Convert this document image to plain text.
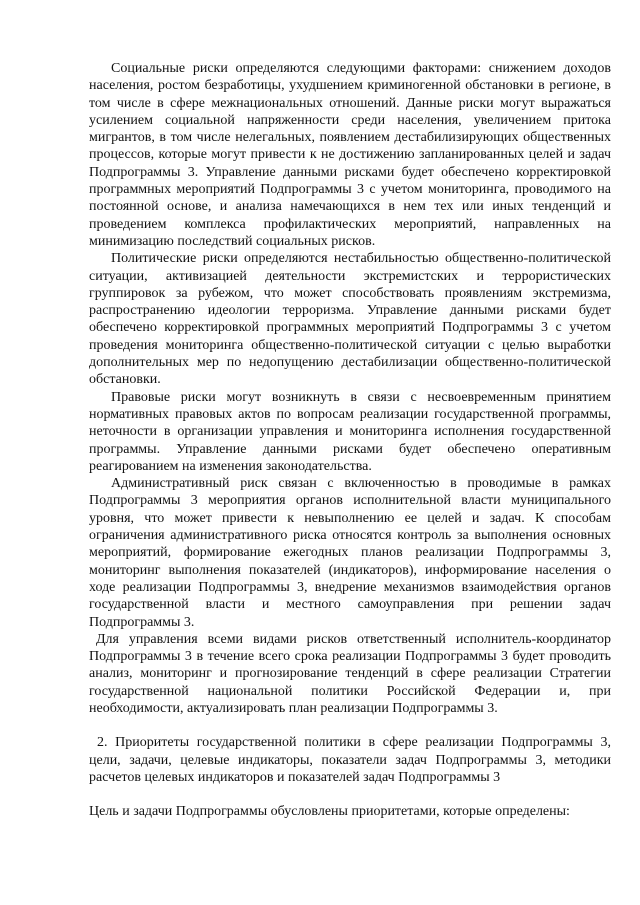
Социальные риски определяются следующими факторами: снижением доходов населения, ростом безработицы, ухудшением криминогенной обстановки в регионе, в том числе в сфере межнациональных отношений. Данные риски могут выражаться усилением социальной напряженности среди населения, увеличением притока мигрантов, в том числе нелегальных, появлением дестабилизирующих общественных процессов, которые могут привести к не достижению запланированных целей и задач Подпрограммы 3. Управление данными рисками будет обеспечено корректировкой программных мероприятий Подпрограммы 3 с учетом мониторинга, проводимого на постоянной основе, и анализа намечающихся в нем тех или иных тенденций и проведением комплекса профилактических мероприятий, направленных на минимизацию последствий социальных рисков.

Политические риски определяются нестабильностью общественно-политической ситуации, активизацией деятельности экстремистских и террористических группировок за рубежом, что может способствовать проявлениям экстремизма, распространению идеологии терроризма. Управление данными рисками будет обеспечено корректировкой программных мероприятий Подпрограммы 3 с учетом проведения мониторинга общественно-политической ситуации с целью выработки дополнительных мер по недопущению дестабилизации общественно-политической обстановки.

Правовые риски могут возникнуть в связи с несвоевременным принятием нормативных правовых актов по вопросам реализации государственной программы, неточности в организации управления и мониторинга исполнения государственной программы. Управление данными рисками будет обеспечено оперативным реагированием на изменения законодательства.

Административный риск связан с включенностью в проводимые в рамках Подпрограммы 3 мероприятия органов исполнительной власти муниципального уровня, что может привести к невыполнению ее целей и задач. К способам ограничения административного риска относятся контроль за выполнения основных мероприятий, формирование ежегодных планов реализации Подпрограммы 3, мониторинг выполнения показателей (индикаторов), информирование населения о ходе реализации Подпрограммы 3, внедрение механизмов взаимодействия органов государственной власти и местного самоуправления при решении задач Подпрограммы 3.

Для управления всеми видами рисков ответственный исполнитель-координатор Подпрограммы 3 в течение всего срока реализации Подпрограммы 3 будет проводить анализ, мониторинг и прогнозирование тенденций в сфере реализации Стратегии государственной национальной политики Российской Федерации и, при необходимости, актуализировать план реализации Подпрограммы 3.

2. Приоритеты государственной политики в сфере реализации Подпрограммы 3, цели, задачи, целевые индикаторы, показатели задач Подпрограммы 3, методики расчетов целевых индикаторов и показателей задач Подпрограммы 3

Цель и задачи Подпрограммы обусловлены приоритетами, которые определены:
